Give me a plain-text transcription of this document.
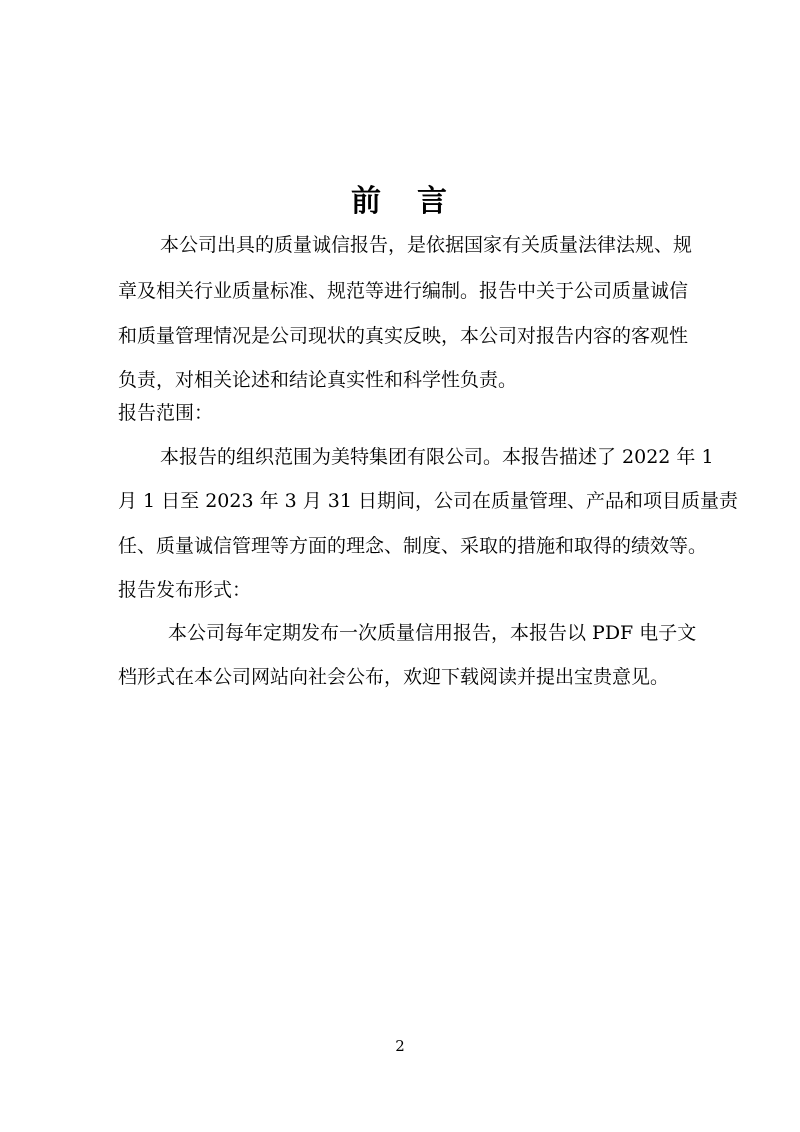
前 言

本公司出具的质量诚信报告，是依据国家有关质量法律法规、规

章及相关行业质量标准、规范等进行编制。报告中关于公司质量诚信

和质量管理情况是公司现状的真实反映，本公司对报告内容的客观性

负责，对相关论述和结论真实性和科学性负责。

报告范围：

本报告的组织范围为美特集团有限公司。本报告描述了 2022 年 1

月 1 日至 2023 年 3 月 31 日期间，公司在质量管理、产品和项目质量责

任、质量诚信管理等方面的理念、制度、采取的措施和取得的绩效等。

报告发布形式：

本公司每年定期发布一次质量信用报告，本报告以 PDF 电子文

档形式在本公司网站向社会公布，欢迎下载阅读并提出宝贵意见。

2
